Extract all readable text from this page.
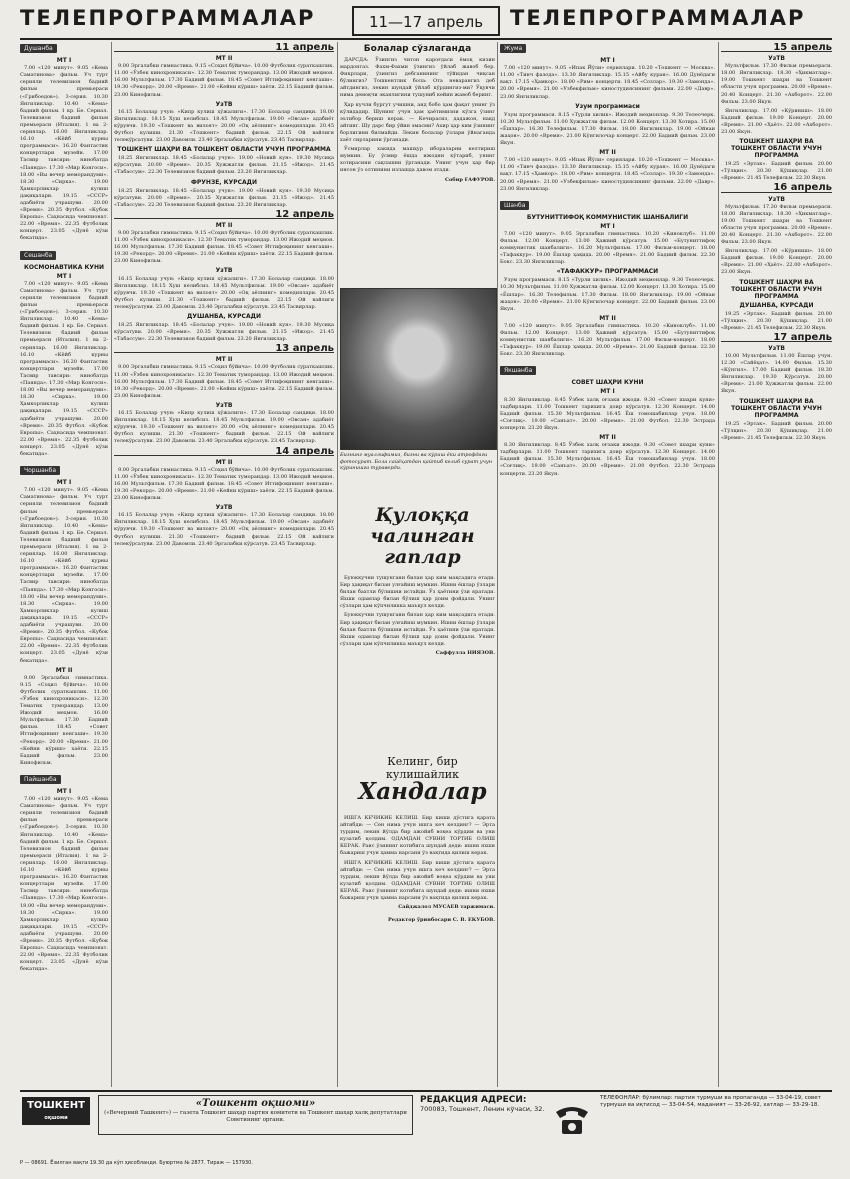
ТЕЛЕПРОГРАММАЛАР	11—17 апрель	ТЕЛЕПРОГРАММАЛАР
Душанба
МТ I

7.00 «120 минут». 9.05 «Кема Саматинова» фильм. Уч турт серияли телевизион бадиий фильм премьераси («Грибоедов»). 3-серия. 10.30 Янгиликлар. 10.40 «Кема» бадиий фильм. 1 кр. Бе. Сериал. Телевизион бадиий фильм премьераси (Италия). 1 ва 2-сериялар. 16.00 Янгиликлар. 16.10 «Кёйб курны программаси». 16.20 Фантастик концертлари музейи. 17.00 Тасвир тавсири: нинобатда «Паянда». 17.30 «Мир Конгоси». 18.00 «Вы вечер меморандуми». 18.30 «Сирка». 19.00 Ҳамкорликлар кулиш дақиқалари. 19.15 «СССР» адабиёти учрашуви. 20.00 «Время». 20.35 Футбол. «Кубок Европы». Саҳнасида чемпионат. 22.00 «Время». 22.35 Футболик концерт. 23.05 «Дунё кўзи бекатида».

Сешанба
КОСМОНАВТИКА КУНИ
МТ I

7.00 «120 минут». 9.05 «Кема Саматинова» фильм. Уч турт серияли телевизион бадиий фильм премьераси («Грибоедов»). 3-серия. 10.30 Янгиликлар. 10.40 «Кема» бадиий фильм. 1 кр. Бе. Сериал. Телевизион бадиий фильм премьераси (Италия). 1 ва 2-сериялар. 16.00 Янгиликлар. 16.10 «Кёйб курны программаси». 16.20 Фантастик концертлари музейи. 17.00 Тасвир тавсири: нинобатда «Паянда». 17.30 «Мир Конгоси». 18.00 «Вы вечер меморандуми». 18.30 «Сирка». 19.00 Ҳамкорликлар кулиш дақиқалари. 19.15 «СССР» адабиёти учрашуви. 20.00 «Время». 20.35 Футбол. «Кубок Европы». Саҳнасида чемпионат. 22.00 «Время». 22.35 Футболик концерт. 23.05 «Дунё кўзи бекатида».

Чоршанба
МТ I

7.00 «120 минут». 9.05 «Кема Саматинова» фильм. Уч турт серияли телевизион бадиий фильм премьераси («Грибоедов»). 3-серия. 10.30 Янгиликлар. 10.40 «Кема» бадиий фильм. 1 кр. Бе. Сериал. Телевизион бадиий фильм премьераси (Италия). 1 ва 2-сериялар. 16.00 Янгиликлар. 16.10 «Кёйб курны программаси». 16.20 Фантастик концертлари музейи. 17.00 Тасвир тавсири: нинобатда «Паянда». 17.30 «Мир Конгоси». 18.00 «Вы вечер меморандуми». 18.30 «Сирка». 19.00 Ҳамкорликлар кулиш дақиқалари. 19.15 «СССР» адабиёти учрашуви. 20.00 «Время». 20.35 Футбол. «Кубок Европы». Саҳнасида чемпионат. 22.00 «Время». 22.35 Футболик концерт. 23.05 «Дунё кўзи бекатида».

МТ II

9.00 Эргалабки гимнастика. 9.15 «Соҳил бўйича». 10.00 Футболик сураткашлик. 11.00 «Ўзбек кинохроникаси». 12.30 Тематик туморандар. 13.00 Ижодий меҳмон. 16.00 Мультфильм. 17.30 Бадиий фильм. 18.45 «Совет Иттифоқининг кенгаши». 19.30 «Рекорд». 20.00 «Время». 21.00 «Кейни кўриш» хаёти. 22.15 Бадиий фильм. 23.00 Кинофильм.

Пайшанба
МТ I

7.00 «120 минут». 9.05 «Кема Саматинова» фильм. Уч турт серияли телевизион бадиий фильм премьераси («Грибоедов»). 3-серия. 10.30 Янгиликлар. 10.40 «Кема» бадиий фильм. 1 кр. Бе. Сериал. Телевизион бадиий фильм премьераси (Италия). 1 ва 2-сериялар. 16.00 Янгиликлар. 16.10 «Кёйб курны программаси». 16.20 Фантастик концертлари музейи. 17.00 Тасвир тавсири: нинобатда «Паянда». 17.30 «Мир Конгоси». 18.00 «Вы вечер меморандуми». 18.30 «Сирка». 19.00 Ҳамкорликлар кулиш дақиқалари. 19.15 «СССР» адабиёти учрашуви. 20.00 «Время». 20.35 Футбол. «Кубок Европы». Саҳнасида чемпионат. 22.00 «Время». 22.35 Футболик концерт. 23.05 «Дунё кўзи бекатида».

11 апрель
МТ II

9.00 Эргалабки гимнастика. 9.15 «Соҳил бўйича». 10.00 Футболик сураткашлик. 11.00 «Ўзбек кинохроникаси». 12.30 Тематик туморандар. 13.00 Ижодий меҳмон. 16.00 Мультфильм. 17.30 Бадиий фильм. 18.45 «Совет Иттифоқининг кенгаши». 19.30 «Рекорд». 20.00 «Время». 21.00 «Кейни кўриш» хаёти. 22.15 Бадиий фильм. 23.00 Кинофильм.

УзТВ

16.15 Болалар учун: «Кипр кулиш хўжалиги». 17.30 Болалар сандиқи. 18.00 Янгиликлар. 18.15 Хуш келибсиз. 18.45 Мультфильм. 19.00 «Овсан» адабиёт кўрувчи. 19.30 «Тошкент ва вилоят» 20.00 «Оқ аёлнинг» комедиялари. 20.45 Футбол кулиши. 21.30 «Тошкент» бадиий фильм. 22.15 Ой вайлиги телекўрсатуви. 23.00 Давомли. 23.40 Эргалабки кўрсатув. 23.45 Тасвирлар.

ТОШКЕНТ ШАҲРИ ВА ТОШКЕНТ ОБЛАСТИ УЧУН ПРОГРАММА

18.25 Янгиликлар. 18.45 «Болалар учун». 19.00 «Новий кун». 19.30 Мусиқа кўрсатуви. 20.00 «Время». 20.35 Хужжатли фильм. 21.15 «Ижод». 21.45 «Табассум». 22.30 Телевизион бадиий фильм. 23.20 Янгиликлар.

ФРУНЗЕ, КУРСАДИ

18.25 Янгиликлар. 18.45 «Болалар учун». 19.00 «Новий кун». 19.30 Мусиқа кўрсатуви. 20.00 «Время». 20.35 Хужжатли фильм. 21.15 «Ижод». 21.45 «Табассум». 22.30 Телевизион бадиий фильм. 23.20 Янгиликлар.

12 апрель
МТ II

9.00 Эргалабки гимнастика. 9.15 «Соҳил бўйича». 10.00 Футболик сураткашлик. 11.00 «Ўзбек кинохроникаси». 12.30 Тематик туморандар. 13.00 Ижодий меҳмон. 16.00 Мультфильм. 17.30 Бадиий фильм. 18.45 «Совет Иттифоқининг кенгаши». 19.30 «Рекорд». 20.00 «Время». 21.00 «Кейни кўриш» хаёти. 22.15 Бадиий фильм. 23.00 Кинофильм.

УзТВ

16.15 Болалар учун: «Кипр кулиш хўжалиги». 17.30 Болалар сандиқи. 18.00 Янгиликлар. 18.15 Хуш келибсиз. 18.45 Мультфильм. 19.00 «Овсан» адабиёт кўрувчи. 19.30 «Тошкент ва вилоят» 20.00 «Оқ аёлнинг» комедиялари. 20.45 Футбол кулиши. 21.30 «Тошкент» бадиий фильм. 22.15 Ой вайлиги телекўрсатуви. 23.00 Давомли. 23.40 Эргалабки кўрсатув. 23.45 Тасвирлар.

ДУШАНБА, КУРСАДИ

18.25 Янгиликлар. 18.45 «Болалар учун». 19.00 «Новий кун». 19.30 Мусиқа кўрсатуви. 20.00 «Время». 20.35 Хужжатли фильм. 21.15 «Ижод». 21.45 «Табассум». 22.30 Телевизион бадиий фильм. 23.20 Янгиликлар.

13 апрель
МТ II

9.00 Эргалабки гимнастика. 9.15 «Соҳил бўйича». 10.00 Футболик сураткашлик. 11.00 «Ўзбек кинохроникаси». 12.30 Тематик туморандар. 13.00 Ижодий меҳмон. 16.00 Мультфильм. 17.30 Бадиий фильм. 18.45 «Совет Иттифоқининг кенгаши». 19.30 «Рекорд». 20.00 «Время». 21.00 «Кейни кўриш» хаёти. 22.15 Бадиий фильм. 23.00 Кинофильм.

УзТВ

16.15 Болалар учун: «Кипр кулиш хўжалиги». 17.30 Болалар сандиқи. 18.00 Янгиликлар. 18.15 Хуш келибсиз. 18.45 Мультфильм. 19.00 «Овсан» адабиёт кўрувчи. 19.30 «Тошкент ва вилоят» 20.00 «Оқ аёлнинг» комедиялари. 20.45 Футбол кулиши. 21.30 «Тошкент» бадиий фильм. 22.15 Ой вайлиги телекўрсатуви. 23.00 Давомли. 23.40 Эргалабки кўрсатув. 23.45 Тасвирлар.

14 апрель
МТ II

9.00 Эргалабки гимнастика. 9.15 «Соҳил бўйича». 10.00 Футболик сураткашлик. 11.00 «Ўзбек кинохроникаси». 12.30 Тематик туморандар. 13.00 Ижодий меҳмон. 16.00 Мультфильм. 17.30 Бадиий фильм. 18.45 «Совет Иттифоқининг кенгаши». 19.30 «Рекорд». 20.00 «Время». 21.00 «Кейни кўриш» хаёти. 22.15 Бадиий фильм. 23.00 Кинофильм.

УзТВ

16.15 Болалар учун: «Кипр кулиш хўжалиги». 17.30 Болалар сандиқи. 18.00 Янгиликлар. 18.15 Хуш келибсиз. 18.45 Мультфильм. 19.00 «Овсан» адабиёт кўрувчи. 19.30 «Тошкент ва вилоят» 20.00 «Оқ аёлнинг» комедиялари. 20.45 Футбол кулиши. 21.30 «Тошкент» бадиий фильм. 22.15 Ой вайлиги телекўрсатуви. 23.00 Давомли. 23.40 Эргалабки кўрсатув. 23.45 Тасвирлар.

Болалар сўзлаганда

ДАРСДА: Ўзингиз читон кароғдаси ёмоқ кизин мардонгаз. Фахм-Фахми ўзингиз ўйлаб жавоб бер. Фикрлари, ўзингиз дебганининг тўйидан чиқсан бўлингиз? Тошкентлик бола: Ота неварангиз деб айтдингиз, лекин шундай ўйлаб кўрдингиз-ми? Ўқувчи нима демоқчи эканлигини тушуниб кейин жавоб беринг.

Ҳар кучли бургут учишни, анд бобо ҳам фақат унинг ўз кўлидадир. Шунинг учун ҳам ҳаётимизни кўзга ўзинг эътибор бериш керак. — Кечирасиз, дадажон, нақд айтинг. Шу дарс бир ўйин эмасми? Ахир ҳар ким ўзининг борлигини билмайди. Лекин болалар ўзлари ўйнаганда хаёт сирларини ўрганади.

Ўсмирлар хакида машҳур ибораларни келтириш мумкин. Бу ўсмир ёшда ижодни кўтариб, унинг хотирасини сақлашни ўрганади. Унинг учун ҳар бир инсон ўз олтинини излашда давом этади.

Собир ҒАФУРОВ.

Бизнинг муаллифимиз, бизни ва кўриш ёки атрофдаги фотосурат. Бола сайёҳатдан қайтиб келиб сурат учун кўринишга тураверди.
Қулоққа чалинган гаплар

Буюккучни тушунгани билан ҳар ким мақсадига етади. Бир ҳақиқат билан улғайиш мумкин. Ишни ёшлар ўзлари билан бахтли бўлишни истайди. Ўз ҳаётини ўзи яратади. Яхши одамлар билан бўлиш ҳар доим фойдали. Унинг сўзлари ҳам кўпчиликка маъқул келди.

Буюккучни тушунгани билан ҳар ким мақсадига етади. Бир ҳақиқат билан улғайиш мумкин. Ишни ёшлар ўзлари билан бахтли бўлишни истайди. Ўз ҳаётини ўзи яратади. Яхши одамлар билан бўлиш ҳар доим фойдали. Унинг сўзлари ҳам кўпчиликка маъқул келди.

Саффулла НИЯЗОВ.

Келинг, бир кулишайлик
Хандалар

ИШГА КЕЧИКИБ КЕЛИШ. Бир киши дўстига қарата айтибди: — Сен нима учун ишга кеч келдинг? — Эрта турдим, лекин йўлда бир ажойиб воқеа кўрдим ва уни кузатиб қолдим. ОДАМДАН СУВНИ ТОРТИБ ОЛИШ КЕРАК. Раис ўзининг котибига шундай деди: ишни яхши бажариш учун ҳамма нарсани ўз вақтида қилиш керак.

ИШГА КЕЧИКИБ КЕЛИШ. Бир киши дўстига қарата айтибди: — Сен нима учун ишга кеч келдинг? — Эрта турдим, лекин йўлда бир ажойиб воқеа кўрдим ва уни кузатиб қолдим. ОДАМДАН СУВНИ ТОРТИБ ОЛИШ КЕРАК. Раис ўзининг котибига шундай деди: ишни яхши бажариш учун ҳамма нарсани ўз вақтида қилиш керак.

Сайджалол МУСАЕВ таржимаси.

Редактор ўринбосари С. В. ЕКУБОВ.

Жума
МТ I

7.00 «120 минут». 9.05 «Ипак Йўли» сериялари. 10.20 «Тошкент — Москва». 11.00 «Тинч фазода». 13.30 Янгиликлар. 15.15 «Айбу куран». 16.00 Дунёдаги вақт. 17.15 «Ҳамкор». 18.00 «Рим» концерти. 18.45 «Созлар». 19.30 «Замонда». 20.00 «Время». 21.00 «Узбекфильм» киностудиясининг фильми. 22.00 «Давр». 23.00 Янгиликлар.

Узум программаси

Узум программаси. 8.15 «Турли хилик». Ижодий меҳмонлар. 9.30 Телеочерк. 10.30 Мультфильм. 11.00 Хужжатли фильм. 12.00 Концерт. 13.30 Хотира. 15.00 «Ёшлар». 16.30 Телефильм. 17.30 Фильм. 18.00 Янгиликлар. 19.00 «Ойнаи жаҳон». 20.00 «Время». 21.00 Кўнгилочар концерт. 22.00 Бадиий фильм. 23.00 Якун.

МТ II

7.00 «120 минут». 9.05 «Ипак Йўли» сериялари. 10.20 «Тошкент — Москва». 11.00 «Тинч фазода». 13.30 Янгиликлар. 15.15 «Айбу куран». 16.00 Дунёдаги вақт. 17.15 «Ҳамкор». 18.00 «Рим» концерти. 18.45 «Созлар». 19.30 «Замонда». 20.00 «Время». 21.00 «Узбекфильм» киностудиясининг фильми. 22.00 «Давр». 23.00 Янгиликлар.

Шанба
БУТУНИТТИФОҚ КОММУНИСТИК ШАНБАЛИГИ
МТ I

7.00 «120 минут». 9.05 Эргалабки гимнастика. 10.20 «Киноклуб». 11.00 Фильм. 12.00 Концерт. 13.00 Ҳажвий кўрсатув. 15.00 «Бутуниттифоқ коммунистик шанбалиги». 16.20 Мультфильм. 17.00 Фильм-концерт. 18.00 «Тафаккур». 19.00 Ёшлар ҳақида. 20.00 «Время». 21.00 Бадиий фильм. 22.30 Бокс. 23.30 Янгиликлар.

«ТАФАККУР» ПРОГРАММАСИ

Узум программаси. 8.15 «Турли хилик». Ижодий меҳмонлар. 9.30 Телеочерк. 10.30 Мультфильм. 11.00 Хужжатли фильм. 12.00 Концерт. 13.30 Хотира. 15.00 «Ёшлар». 16.30 Телефильм. 17.30 Фильм. 18.00 Янгиликлар. 19.00 «Ойнаи жаҳон». 20.00 «Время». 21.00 Кўнгилочар концерт. 22.00 Бадиий фильм. 23.00 Якун.

МТ II

7.00 «120 минут». 9.05 Эргалабки гимнастика. 10.20 «Киноклуб». 11.00 Фильм. 12.00 Концерт. 13.00 Ҳажвий кўрсатув. 15.00 «Бутуниттифоқ коммунистик шанбалиги». 16.20 Мультфильм. 17.00 Фильм-концерт. 18.00 «Тафаккур». 19.00 Ёшлар ҳақида. 20.00 «Время». 21.00 Бадиий фильм. 22.30 Бокс. 23.30 Янгиликлар.

Якшанба
СОВЕТ ШАҲРИ КУНИ
МТ I

8.30 Янгиликлар. 8.45 Ўзбек халқ оғзаки ижоди. 9.30 «Совет шаҳри куни» тадбирлари. 11.00 Тошкент тарихига доир кўрсатув. 12.30 Концерт. 14.00 Бадиий фильм. 15.30 Мультфильм. 16.45 Ёш томошабинлар учун. 18.00 «Соғлиқ». 19.00 «Санъат». 20.00 «Время». 21.00 Футбол. 22.30 Эстрада концерти. 23.20 Якун.

МТ II

8.30 Янгиликлар. 8.45 Ўзбек халқ оғзаки ижоди. 9.30 «Совет шаҳри куни» тадбирлари. 11.00 Тошкент тарихига доир кўрсатув. 12.30 Концерт. 14.00 Бадиий фильм. 15.30 Мультфильм. 16.45 Ёш томошабинлар учун. 18.00 «Соғлиқ». 19.00 «Санъат». 20.00 «Время». 21.00 Футбол. 22.30 Эстрада концерти. 23.20 Якун.

15 апрель
УзТВ

Мультфильм. 17.30 Фильм премьераси. 18.00 Янгиликлар. 18.30 «Ҳикматлар». 19.00 Тошкент шаҳри ва Тошкент области учун программа. 20.00 «Время». 20.40 Концерт. 21.30 «Ахборот». 22.00 Фильм. 23.00 Якун.

Янгиликлар. 17.00 «Кўриниш». 18.00 Бадиий фильм. 19.00 Концерт. 20.00 «Время». 21.00 «Ҳаёт». 22.00 «Ахборот». 23.00 Якун.

ТОШКЕНТ ШАҲРИ ВА ТОШКЕНТ ОБЛАСТИ УЧУН ПРОГРАММА

19.25 «Эртак». Бадиий фильм. 20.00 «Тўлқин». 20.30 Қўшиқлар. 21.00 «Время». 21.45 Телефильм. 22.30 Якун.

16 апрель
УзТВ

Мультфильм. 17.30 Фильм премьераси. 18.00 Янгиликлар. 18.30 «Ҳикматлар». 19.00 Тошкент шаҳри ва Тошкент области учун программа. 20.00 «Время». 20.40 Концерт. 21.30 «Ахборот». 22.00 Фильм. 23.00 Якун.

Янгиликлар. 17.00 «Кўриниш». 18.00 Бадиий фильм. 19.00 Концерт. 20.00 «Время». 21.00 «Ҳаёт». 22.00 «Ахборот». 23.00 Якун.

ТОШКЕНТ ШАҲРИ ВА ТОШКЕНТ ОБЛАСТИ УЧУН ПРОГРАММА
ДУШАНБА, КУРСАДИ

19.25 «Эртак». Бадиий фильм. 20.00 «Тўлқин». 20.30 Қўшиқлар. 21.00 «Время». 21.45 Телефильм. 22.30 Якун.

17 апрель
УзТВ

10.00 Мультфильм. 11.00 Ёшлар учун. 12.30 «Сайёҳат». 14.00 Фильм. 15.30 «Кўнгил». 17.00 Бадиий фильм. 18.30 Янгиликлар. 19.30 Кўрсатув. 20.00 «Время». 21.00 Хужжатли фильм. 22.00 Якун.

ТОШКЕНТ ШАҲРИ ВА ТОШКЕНТ ОБЛАСТИ УЧУН ПРОГРАММА

19.25 «Эртак». Бадиий фильм. 20.00 «Тўлқин». 20.30 Қўшиқлар. 21.00 «Время». 21.45 Телефильм. 22.30 Якун.

ТОШКЕНТ
оқшоми
«Тошкент оқшоми»
(«Вечерний Ташкент») — газета Тошкент шаҳар партия комитети ва Тошкент шаҳар халқ депутатлари Советининг органи.
РЕДАКЦИЯ АДРЕСИ:
700083, Тошкент, Ленин кўчаси, 32.
ТЕЛЕФОНЛАР: бўлимлар: партия турмуши ва пропаганда — 33-04-19, совет турмуши ва иқтисод — 33-04-54, маданият — 33-26-92, хатлар — 33-29-18.
Р — 08691. Ёзилган вақти 19.30 да кўп ҳисобланди. Буюртма № 2877. Тираж — 157930.
